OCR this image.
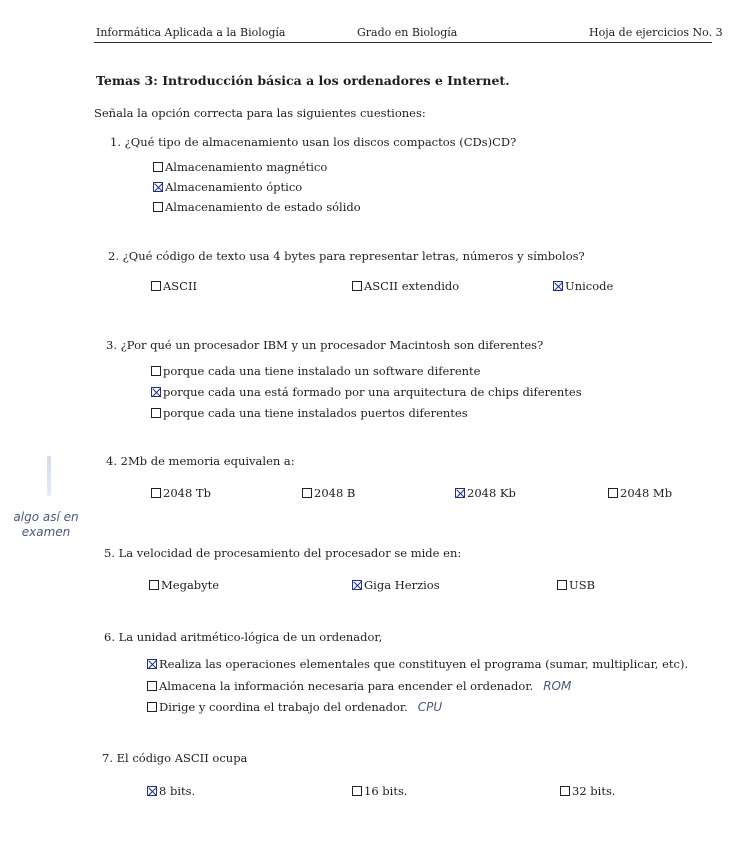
Informática Aplicada a la Biología	Grado en Biología	Hoja de ejercicios No. 3
Temas 3: Introducción básica a los ordenadores e Internet.
Señala la opción correcta para las siguientes cuestiones:
1. ¿Qué tipo de almacenamiento usan los discos compactos (CDs)CD?
Almacenamiento magnético
Almacenamiento óptico
Almacenamiento de estado sólido
2. ¿Qué código de texto usa 4 bytes para representar letras, números y símbolos?
ASCII	ASCII extendido	Unicode
3. ¿Por qué un procesador IBM y un procesador Macintosh son diferentes?
porque cada una tiene instalado un software diferente
porque cada una está formado por una arquitectura de chips diferentes
porque cada una tiene instalados puertos diferentes
4. 2Mb de memoria equivalen a:
2048 Tb	2048 B	2048 Kb	2048 Mb
algo así en examen
5. La velocidad de procesamiento del procesador se mide en:
Megabyte	Giga Herzios	USB
6. La unidad aritmético-lógica de un ordenador,
Realiza las operaciones elementales que constituyen el programa (sumar, multiplicar, etc).
Almacena la información necesaria para encender el ordenador. ROM
Dirige y coordina el trabajo del ordenador. CPU
7. El código ASCII ocupa
8 bits.	16 bits.	32 bits.
